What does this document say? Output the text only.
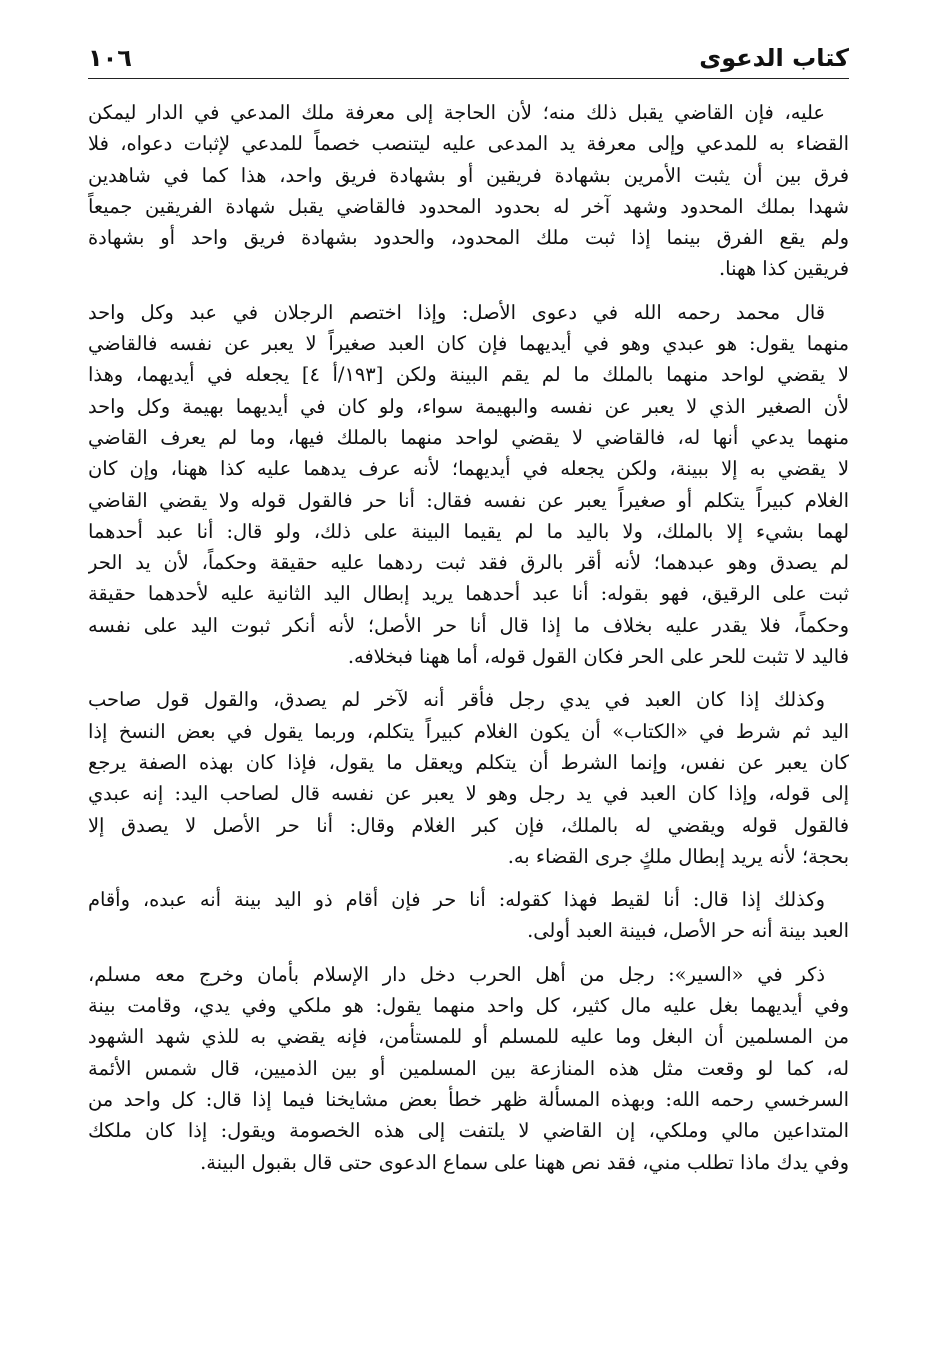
١٠٦	كتاب الدعوى
عليه، فإن القاضي يقبل ذلك منه؛ لأن الحاجة إلى معرفة ملك المدعي في الدار ليمكن
القضاء به للمدعي وإلى معرفة يد المدعى عليه ليتنصب خصماً للمدعي لإثبات دعواه، فلا
فرق بين أن يثبت الأمرين بشهادة فريقين أو بشهادة فريق واحد، هذا كما في شاهدين
شهدا بملك المحدود وشهد آخر له بحدود المحدود فالقاضي يقبل شهادة الفريقين جميعاً
ولم يقع الفرق بينما إذا ثبت ملك المحدود، والحدود بشهادة فريق واحد أو بشهادة
فريقين كذا ههنا.
قال محمد رحمه الله في دعوى الأصل: وإذا اختصم الرجلان في عبد وكل واحد
منهما يقول: هو عبدي وهو في أيديهما فإن كان العبد صغيراً لا يعبر عن نفسه فالقاضي
لا يقضي لواحد منهما بالملك ما لم يقم البينة ولكن [١٩٣/أ ٤] يجعله في أيديهما، وهذا
لأن الصغير الذي لا يعبر عن نفسه والبهيمة سواء، ولو كان في أيديهما بهيمة وكل واحد
منهما يدعي أنها له، فالقاضي لا يقضي لواحد منهما بالملك فيها، وما لم يعرف القاضي
لا يقضي به إلا ببينة، ولكن يجعله في أيديهما؛ لأنه عرف يدهما عليه كذا ههنا، وإن كان
الغلام كبيراً يتكلم أو صغيراً يعبر عن نفسه فقال: أنا حر فالقول قوله ولا يقضي القاضي
لهما بشيء إلا بالملك، ولا باليد ما لم يقيما البينة على ذلك، ولو قال: أنا عبد أحدهما
لم يصدق وهو عبدهما؛ لأنه أقر بالرق فقد ثبت ردهما عليه حقيقة وحكماً، لأن يد الحر
ثبت على الرقيق، فهو بقوله: أنا عبد أحدهما يريد إبطال اليد الثانية عليه لأحدهما حقيقة
وحكماً، فلا يقدر عليه بخلاف ما إذا قال أنا حر الأصل؛ لأنه أنكر ثبوت اليد على نفسه
فاليد لا تثبت للحر على الحر فكان القول قوله، أما ههنا فبخلافه.
وكذلك إذا كان العبد في يدي رجل فأقر أنه لآخر لم يصدق، والقول قول صاحب
اليد ثم شرط في «الكتاب» أن يكون الغلام كبيراً يتكلم، وربما يقول في بعض النسخ إذا
كان يعبر عن نفس، وإنما الشرط أن يتكلم ويعقل ما يقول، فإذا كان بهذه الصفة يرجع
إلى قوله، وإذا كان العبد في يد رجل وهو لا يعبر عن نفسه قال لصاحب اليد: إنه عبدي
فالقول قوله ويقضي له بالملك، فإن كبر الغلام وقال: أنا حر الأصل لا يصدق إلا
بحجة؛ لأنه يريد إبطال ملكٍ جرى القضاء به.
وكذلك إذا قال: أنا لقيط فهذا كقوله: أنا حر فإن أقام ذو اليد بينة أنه عبده، وأقام
العبد بينة أنه حر الأصل، فبينة العبد أولى.
ذكر في «السير»: رجل من أهل الحرب دخل دار الإسلام بأمان وخرج معه مسلم،
وفي أيديهما بغل عليه مال كثير، كل واحد منهما يقول: هو ملكي وفي يدي، وقامت بينة
من المسلمين أن البغل وما عليه للمسلم أو للمستأمن، فإنه يقضي به للذي شهد الشهود
له، كما لو وقعت مثل هذه المنازعة بين المسلمين أو بين الذميين، قال شمس الأئمة
السرخسي رحمه الله: وبهذه المسألة ظهر خطأ بعض مشايخنا فيما إذا قال: كل واحد من
المتداعين مالي وملكي، إن القاضي لا يلتفت إلى هذه الخصومة ويقول: إذا كان ملكك
وفي يدك ماذا تطلب مني، فقد نص ههنا على سماع الدعوى حتى قال بقبول البينة.
